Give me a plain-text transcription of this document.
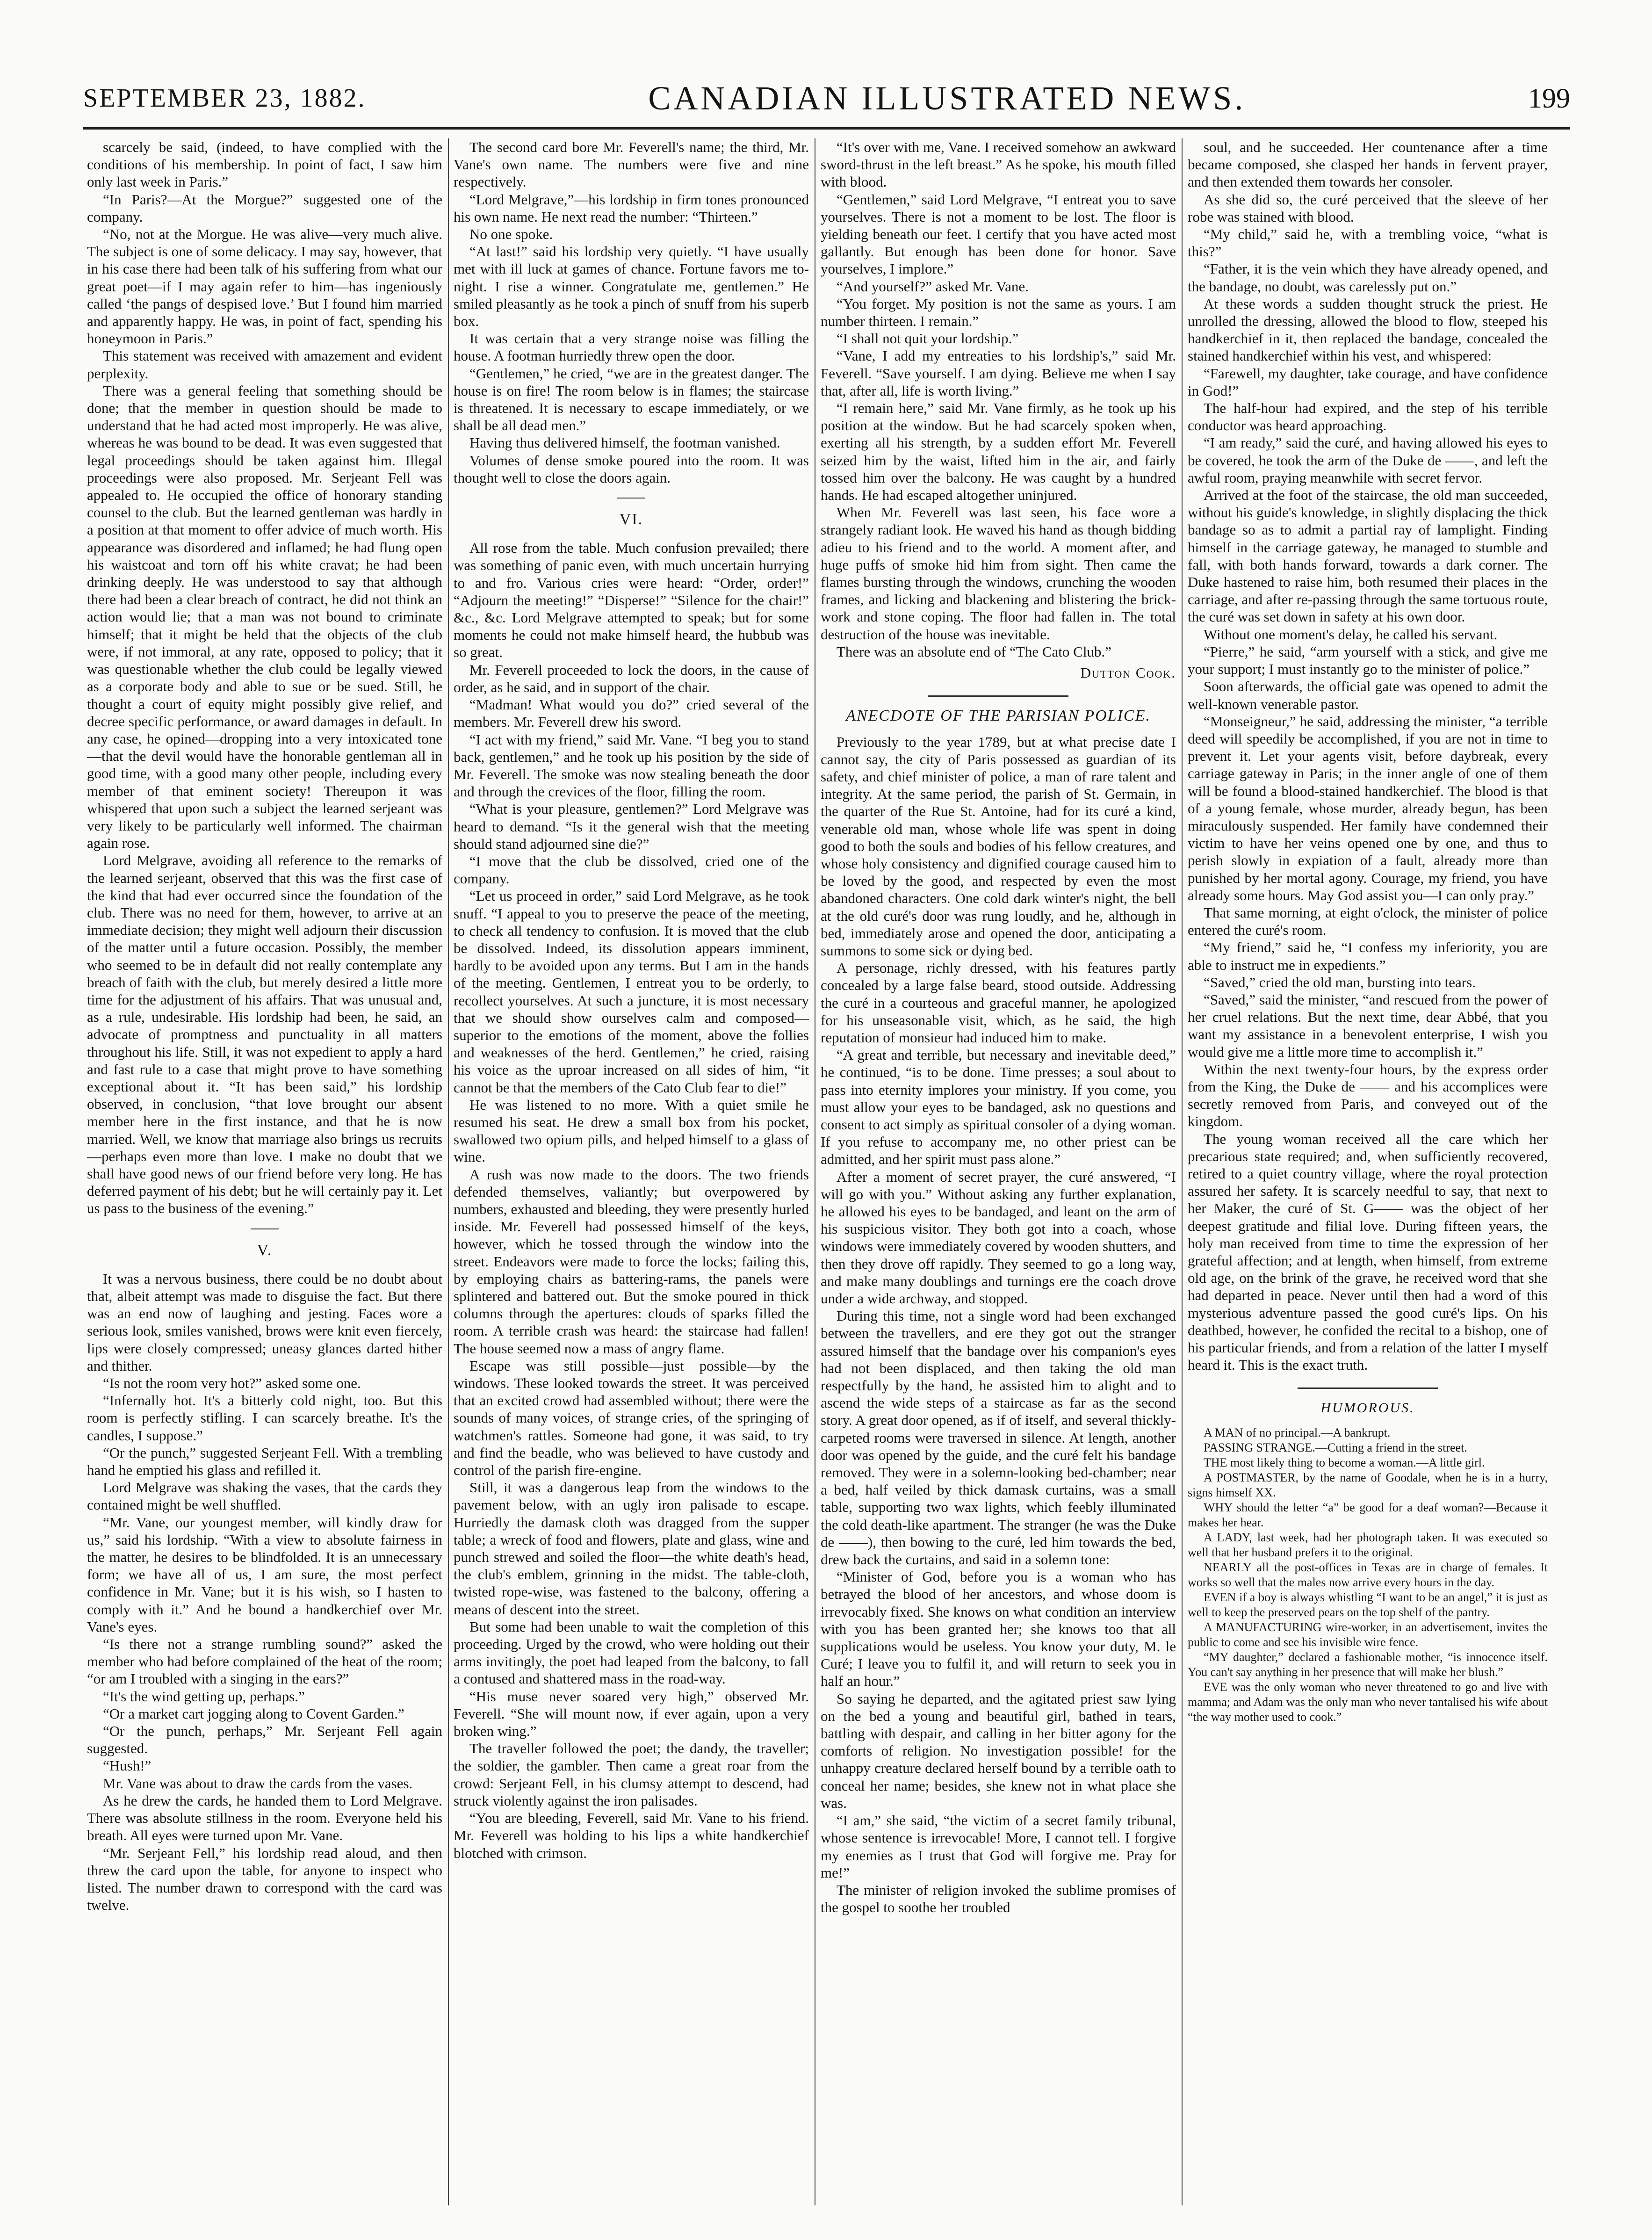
SEPTEMBER 23, 1882.	CANADIAN ILLUSTRATED NEWS.	199

scarcely be said, (indeed, to have complied with the conditions of his membership. In point of fact, I saw him only last week in Paris.”

“In Paris?—At the Morgue?” suggested one of the company.

“No, not at the Morgue. He was alive—very much alive. The subject is one of some delicacy. I may say, however, that in his case there had been talk of his suffering from what our great poet—if I may again refer to him—has ingeniously called ‘the pangs of despised love.’ But I found him married and apparently happy. He was, in point of fact, spending his honeymoon in Paris.”

This statement was received with amazement and evident perplexity.

There was a general feeling that something should be done; that the member in question should be made to understand that he had acted most improperly. He was alive, whereas he was bound to be dead. It was even suggested that legal proceedings should be taken against him. Illegal proceedings were also proposed. Mr. Serjeant Fell was appealed to. He occupied the office of honorary standing counsel to the club. But the learned gentleman was hardly in a position at that moment to offer advice of much worth. His appearance was disordered and inflamed; he had flung open his waistcoat and torn off his white cravat; he had been drinking deeply. He was understood to say that although there had been a clear breach of contract, he did not think an action would lie; that a man was not bound to criminate himself; that it might be held that the objects of the club were, if not immoral, at any rate, opposed to policy; that it was questionable whether the club could be legally viewed as a corporate body and able to sue or be sued. Still, he thought a court of equity might possibly give relief, and decree specific performance, or award damages in default. In any case, he opined—dropping into a very intoxicated tone—that the devil would have the honorable gentleman all in good time, with a good many other people, including every member of that eminent society! Thereupon it was whispered that upon such a subject the learned serjeant was very likely to be particularly well informed. The chairman again rose.

Lord Melgrave, avoiding all reference to the remarks of the learned serjeant, observed that this was the first case of the kind that had ever occurred since the foundation of the club. There was no need for them, however, to arrive at an immediate decision; they might well adjourn their discussion of the matter until a future occasion. Possibly, the member who seemed to be in default did not really contemplate any breach of faith with the club, but merely desired a little more time for the adjustment of his affairs. That was unusual and, as a rule, undesirable. His lordship had been, he said, an advocate of promptness and punctuality in all matters throughout his life. Still, it was not expedient to apply a hard and fast rule to a case that might prove to have something exceptional about it. “It has been said,” his lordship observed, in conclusion, “that love brought our absent member here in the first instance, and that he is now married. Well, we know that marriage also brings us recruits—perhaps even more than love. I make no doubt that we shall have good news of our friend before very long. He has deferred payment of his debt; but he will certainly pay it. Let us pass to the business of the evening.”

V.

It was a nervous business, there could be no doubt about that, albeit attempt was made to disguise the fact. But there was an end now of laughing and jesting. Faces wore a serious look, smiles vanished, brows were knit even fiercely, lips were closely compressed; uneasy glances darted hither and thither.

“Is not the room very hot?” asked some one.

“Infernally hot. It's a bitterly cold night, too. But this room is perfectly stifling. I can scarcely breathe. It's the candles, I suppose.”

“Or the punch,” suggested Serjeant Fell. With a trembling hand he emptied his glass and refilled it.

Lord Melgrave was shaking the vases, that the cards they contained might be well shuffled.

“Mr. Vane, our youngest member, will kindly draw for us,” said his lordship. “With a view to absolute fairness in the matter, he desires to be blindfolded. It is an unnecessary form; we have all of us, I am sure, the most perfect confidence in Mr. Vane; but it is his wish, so I hasten to comply with it.” And he bound a handkerchief over Mr. Vane's eyes.

“Is there not a strange rumbling sound?” asked the member who had before complained of the heat of the room; “or am I troubled with a singing in the ears?”

“It's the wind getting up, perhaps.”

“Or a market cart jogging along to Covent Garden.”

“Or the punch, perhaps,” Mr. Serjeant Fell again suggested.

“Hush!”

Mr. Vane was about to draw the cards from the vases.

As he drew the cards, he handed them to Lord Melgrave. There was absolute stillness in the room. Everyone held his breath. All eyes were turned upon Mr. Vane.

“Mr. Serjeant Fell,” his lordship read aloud, and then threw the card upon the table, for anyone to inspect who listed. The number drawn to correspond with the card was twelve.

The second card bore Mr. Feverell's name; the third, Mr. Vane's own name. The numbers were five and nine respectively.

“Lord Melgrave,”—his lordship in firm tones pronounced his own name. He next read the number: “Thirteen.”

No one spoke.

“At last!” said his lordship very quietly. “I have usually met with ill luck at games of chance. Fortune favors me to-night. I rise a winner. Congratulate me, gentlemen.” He smiled pleasantly as he took a pinch of snuff from his superb box.

It was certain that a very strange noise was filling the house. A footman hurriedly threw open the door.

“Gentlemen,” he cried, “we are in the greatest danger. The house is on fire! The room below is in flames; the staircase is threatened. It is necessary to escape immediately, or we shall be all dead men.”

Having thus delivered himself, the footman vanished.

Volumes of dense smoke poured into the room. It was thought well to close the doors again.

VI.

All rose from the table. Much confusion prevailed; there was something of panic even, with much uncertain hurrying to and fro. Various cries were heard: “Order, order!” “Adjourn the meeting!” “Disperse!” “Silence for the chair!” &c., &c. Lord Melgrave attempted to speak; but for some moments he could not make himself heard, the hubbub was so great.

Mr. Feverell proceeded to lock the doors, in the cause of order, as he said, and in support of the chair.

“Madman! What would you do?” cried several of the members. Mr. Feverell drew his sword.

“I act with my friend,” said Mr. Vane. “I beg you to stand back, gentlemen,” and he took up his position by the side of Mr. Feverell. The smoke was now stealing beneath the door and through the crevices of the floor, filling the room.

“What is your pleasure, gentlemen?” Lord Melgrave was heard to demand. “Is it the general wish that the meeting should stand adjourned sine die?”

“I move that the club be dissolved, cried one of the company.

“Let us proceed in order,” said Lord Melgrave, as he took snuff. “I appeal to you to preserve the peace of the meeting, to check all tendency to confusion. It is moved that the club be dissolved. Indeed, its dissolution appears imminent, hardly to be avoided upon any terms. But I am in the hands of the meeting. Gentlemen, I entreat you to be orderly, to recollect yourselves. At such a juncture, it is most necessary that we should show ourselves calm and composed—superior to the emotions of the moment, above the follies and weaknesses of the herd. Gentlemen,” he cried, raising his voice as the uproar increased on all sides of him, “it cannot be that the members of the Cato Club fear to die!”

He was listened to no more. With a quiet smile he resumed his seat. He drew a small box from his pocket, swallowed two opium pills, and helped himself to a glass of wine.

A rush was now made to the doors. The two friends defended themselves, valiantly; but overpowered by numbers, exhausted and bleeding, they were presently hurled inside. Mr. Feverell had possessed himself of the keys, however, which he tossed through the window into the street. Endeavors were made to force the locks; failing this, by employing chairs as battering-rams, the panels were splintered and battered out. But the smoke poured in thick columns through the apertures: clouds of sparks filled the room. A terrible crash was heard: the staircase had fallen! The house seemed now a mass of angry flame.

Escape was still possible—just possible—by the windows. These looked towards the street. It was perceived that an excited crowd had assembled without; there were the sounds of many voices, of strange cries, of the springing of watchmen's rattles. Someone had gone, it was said, to try and find the beadle, who was believed to have custody and control of the parish fire-engine.

Still, it was a dangerous leap from the windows to the pavement below, with an ugly iron palisade to escape. Hurriedly the damask cloth was dragged from the supper table; a wreck of food and flowers, plate and glass, wine and punch strewed and soiled the floor—the white death's head, the club's emblem, grinning in the midst. The table-cloth, twisted rope-wise, was fastened to the balcony, offering a means of descent into the street.

But some had been unable to wait the completion of this proceeding. Urged by the crowd, who were holding out their arms invitingly, the poet had leaped from the balcony, to fall a contused and shattered mass in the road-way.

“His muse never soared very high,” observed Mr. Feverell. “She will mount now, if ever again, upon a very broken wing.”

The traveller followed the poet; the dandy, the traveller; the soldier, the gambler. Then came a great roar from the crowd: Serjeant Fell, in his clumsy attempt to descend, had struck violently against the iron palisades.

“You are bleeding, Feverell, said Mr. Vane to his friend. Mr. Feverell was holding to his lips a white handkerchief blotched with crimson.

“It's over with me, Vane. I received somehow an awkward sword-thrust in the left breast.” As he spoke, his mouth filled with blood.

“Gentlemen,” said Lord Melgrave, “I entreat you to save yourselves. There is not a moment to be lost. The floor is yielding beneath our feet. I certify that you have acted most gallantly. But enough has been done for honor. Save yourselves, I implore.”

“And yourself?” asked Mr. Vane.

“You forget. My position is not the same as yours. I am number thirteen. I remain.”

“I shall not quit your lordship.”

“Vane, I add my entreaties to his lordship's,” said Mr. Feverell. “Save yourself. I am dying. Believe me when I say that, after all, life is worth living.”

“I remain here,” said Mr. Vane firmly, as he took up his position at the window. But he had scarcely spoken when, exerting all his strength, by a sudden effort Mr. Feverell seized him by the waist, lifted him in the air, and fairly tossed him over the balcony. He was caught by a hundred hands. He had escaped altogether uninjured.

When Mr. Feverell was last seen, his face wore a strangely radiant look. He waved his hand as though bidding adieu to his friend and to the world. A moment after, and huge puffs of smoke hid him from sight. Then came the flames bursting through the windows, crunching the wooden frames, and licking and blackening and blistering the brick-work and stone coping. The floor had fallen in. The total destruction of the house was inevitable.

There was an absolute end of “The Cato Club.”

Dutton Cook.
ANECDOTE OF THE PARISIAN POLICE.

Previously to the year 1789, but at what precise date I cannot say, the city of Paris possessed as guardian of its safety, and chief minister of police, a man of rare talent and integrity. At the same period, the parish of St. Germain, in the quarter of the Rue St. Antoine, had for its curé a kind, venerable old man, whose whole life was spent in doing good to both the souls and bodies of his fellow creatures, and whose holy consistency and dignified courage caused him to be loved by the good, and respected by even the most abandoned characters. One cold dark winter's night, the bell at the old curé's door was rung loudly, and he, although in bed, immediately arose and opened the door, anticipating a summons to some sick or dying bed.

A personage, richly dressed, with his features partly concealed by a large false beard, stood outside. Addressing the curé in a courteous and graceful manner, he apologized for his unseasonable visit, which, as he said, the high reputation of monsieur had induced him to make.

“A great and terrible, but necessary and inevitable deed,” he continued, “is to be done. Time presses; a soul about to pass into eternity implores your ministry. If you come, you must allow your eyes to be bandaged, ask no questions and consent to act simply as spiritual consoler of a dying woman. If you refuse to accompany me, no other priest can be admitted, and her spirit must pass alone.”

After a moment of secret prayer, the curé answered, “I will go with you.” Without asking any further explanation, he allowed his eyes to be bandaged, and leant on the arm of his suspicious visitor. They both got into a coach, whose windows were immediately covered by wooden shutters, and then they drove off rapidly. They seemed to go a long way, and make many doublings and turnings ere the coach drove under a wide archway, and stopped.

During this time, not a single word had been exchanged between the travellers, and ere they got out the stranger assured himself that the bandage over his companion's eyes had not been displaced, and then taking the old man respectfully by the hand, he assisted him to alight and to ascend the wide steps of a staircase as far as the second story. A great door opened, as if of itself, and several thickly-carpeted rooms were traversed in silence. At length, another door was opened by the guide, and the curé felt his bandage removed. They were in a solemn-looking bed-chamber; near a bed, half veiled by thick damask curtains, was a small table, supporting two wax lights, which feebly illuminated the cold death-like apartment. The stranger (he was the Duke de ——), then bowing to the curé, led him towards the bed, drew back the curtains, and said in a solemn tone:

“Minister of God, before you is a woman who has betrayed the blood of her ancestors, and whose doom is irrevocably fixed. She knows on what condition an interview with you has been granted her; she knows too that all supplications would be useless. You know your duty, M. le Curé; I leave you to fulfil it, and will return to seek you in half an hour.”

So saying he departed, and the agitated priest saw lying on the bed a young and beautiful girl, bathed in tears, battling with despair, and calling in her bitter agony for the comforts of religion. No investigation possible! for the unhappy creature declared herself bound by a terrible oath to conceal her name; besides, she knew not in what place she was.

“I am,” she said, “the victim of a secret family tribunal, whose sentence is irrevocable! More, I cannot tell. I forgive my enemies as I trust that God will forgive me. Pray for me!”

The minister of religion invoked the sublime promises of the gospel to soothe her troubled

soul, and he succeeded. Her countenance after a time became composed, she clasped her hands in fervent prayer, and then extended them towards her consoler.

As she did so, the curé perceived that the sleeve of her robe was stained with blood.

“My child,” said he, with a trembling voice, “what is this?”

“Father, it is the vein which they have already opened, and the bandage, no doubt, was carelessly put on.”

At these words a sudden thought struck the priest. He unrolled the dressing, allowed the blood to flow, steeped his handkerchief in it, then replaced the bandage, concealed the stained handkerchief within his vest, and whispered:

“Farewell, my daughter, take courage, and have confidence in God!”

The half-hour had expired, and the step of his terrible conductor was heard approaching.

“I am ready,” said the curé, and having allowed his eyes to be covered, he took the arm of the Duke de ——, and left the awful room, praying meanwhile with secret fervor.

Arrived at the foot of the staircase, the old man succeeded, without his guide's knowledge, in slightly displacing the thick bandage so as to admit a partial ray of lamplight. Finding himself in the carriage gateway, he managed to stumble and fall, with both hands forward, towards a dark corner. The Duke hastened to raise him, both resumed their places in the carriage, and after re-passing through the same tortuous route, the curé was set down in safety at his own door.

Without one moment's delay, he called his servant.

“Pierre,” he said, “arm yourself with a stick, and give me your support; I must instantly go to the minister of police.”

Soon afterwards, the official gate was opened to admit the well-known venerable pastor.

“Monseigneur,” he said, addressing the minister, “a terrible deed will speedily be accomplished, if you are not in time to prevent it. Let your agents visit, before daybreak, every carriage gateway in Paris; in the inner angle of one of them will be found a blood-stained handkerchief. The blood is that of a young female, whose murder, already begun, has been miraculously suspended. Her family have condemned their victim to have her veins opened one by one, and thus to perish slowly in expiation of a fault, already more than punished by her mortal agony. Courage, my friend, you have already some hours. May God assist you—I can only pray.”

That same morning, at eight o'clock, the minister of police entered the curé's room.

“My friend,” said he, “I confess my inferiority, you are able to instruct me in expedients.”

“Saved,” cried the old man, bursting into tears.

“Saved,” said the minister, “and rescued from the power of her cruel relations. But the next time, dear Abbé, that you want my assistance in a benevolent enterprise, I wish you would give me a little more time to accomplish it.”

Within the next twenty-four hours, by the express order from the King, the Duke de —— and his accomplices were secretly removed from Paris, and conveyed out of the kingdom.

The young woman received all the care which her precarious state required; and, when sufficiently recovered, retired to a quiet country village, where the royal protection assured her safety. It is scarcely needful to say, that next to her Maker, the curé of St. G—— was the object of her deepest gratitude and filial love. During fifteen years, the holy man received from time to time the expression of her grateful affection; and at length, when himself, from extreme old age, on the brink of the grave, he received word that she had departed in peace. Never until then had a word of this mysterious adventure passed the good curé's lips. On his deathbed, however, he confided the recital to a bishop, one of his particular friends, and from a relation of the latter I myself heard it. This is the exact truth.

HUMOROUS.

A MAN of no principal.—A bankrupt.

PASSING STRANGE.—Cutting a friend in the street.

THE most likely thing to become a woman.—A little girl.

A POSTMASTER, by the name of Goodale, when he is in a hurry, signs himself XX.

WHY should the letter “a” be good for a deaf woman?—Because it makes her hear.

A LADY, last week, had her photograph taken. It was executed so well that her husband prefers it to the original.

NEARLY all the post-offices in Texas are in charge of females. It works so well that the males now arrive every hours in the day.

EVEN if a boy is always whistling “I want to be an angel,” it is just as well to keep the preserved pears on the top shelf of the pantry.

A MANUFACTURING wire-worker, in an advertisement, invites the public to come and see his invisible wire fence.

“MY daughter,” declared a fashionable mother, “is innocence itself. You can't say anything in her presence that will make her blush.”

EVE was the only woman who never threatened to go and live with mamma; and Adam was the only man who never tantalised his wife about “the way mother used to cook.”
